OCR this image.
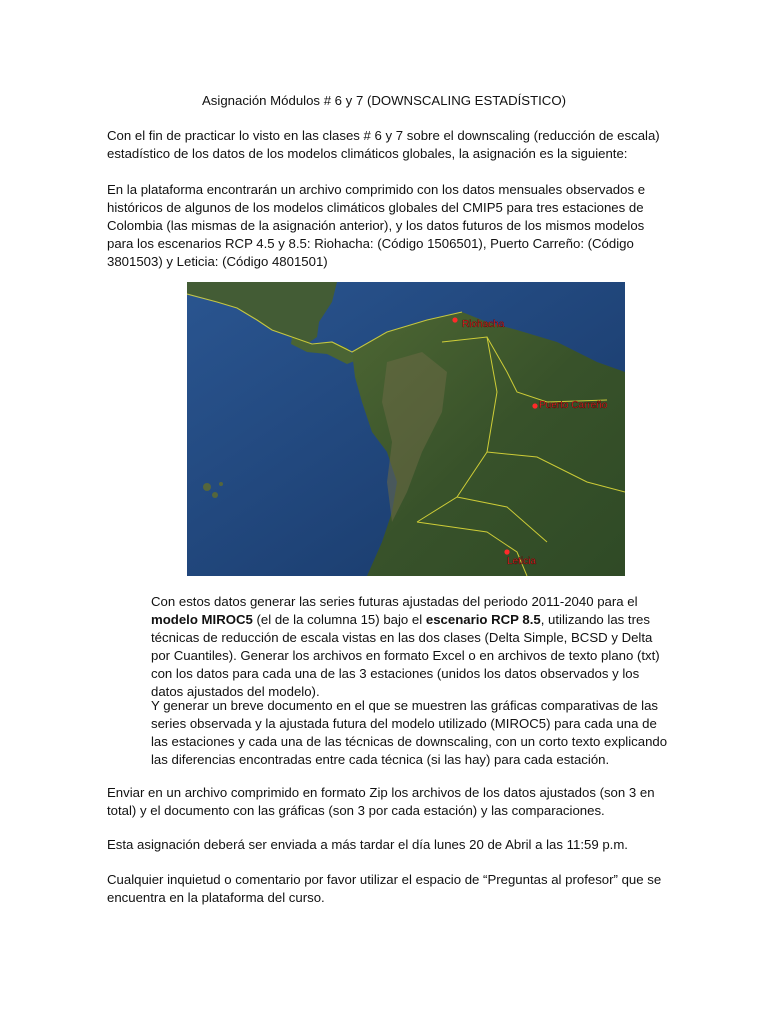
Asignación Módulos # 6 y 7 (DOWNSCALING ESTADÍSTICO)

Con el fin de practicar lo visto en las clases # 6 y 7 sobre el downscaling (reducción de escala) estadístico de los datos de los modelos climáticos globales, la asignación es la siguiente:

En la plataforma encontrarán un archivo comprimido con los datos mensuales observados e históricos de algunos de los modelos climáticos globales del CMIP5 para tres estaciones de Colombia (las mismas de la asignación anterior), y los datos futuros de los mismos modelos para los escenarios RCP 4.5 y 8.5: Riohacha: (Código 1506501), Puerto Carreño: (Código 3801503) y Leticia: (Código 4801501)

Riohacha
Puerto Carreño
Leticia

Con estos datos generar las series futuras ajustadas del periodo 2011-2040 para el modelo MIROC5 (el de la columna 15) bajo el escenario RCP 8.5, utilizando las tres técnicas de reducción de escala vistas en las dos clases (Delta Simple, BCSD y Delta por Cuantiles). Generar los archivos en formato Excel o en archivos de texto plano (txt) con los datos para cada una de las 3 estaciones (unidos los datos observados y los datos ajustados del modelo).

Y generar un breve documento en el que se muestren las gráficas comparativas de las series observada y la ajustada futura del modelo utilizado (MIROC5) para cada una de las estaciones y cada una de las técnicas de downscaling, con un corto texto explicando las diferencias encontradas entre cada técnica (si las hay) para cada estación.

Enviar en un archivo comprimido en formato Zip los archivos de los datos ajustados (son 3 en total) y el documento con las gráficas (son 3 por cada estación) y las comparaciones.

Esta asignación deberá ser enviada a más tardar el día lunes 20 de Abril a las 11:59 p.m.

Cualquier inquietud o comentario por favor utilizar el espacio de “Preguntas al profesor” que se encuentra en la plataforma del curso.
